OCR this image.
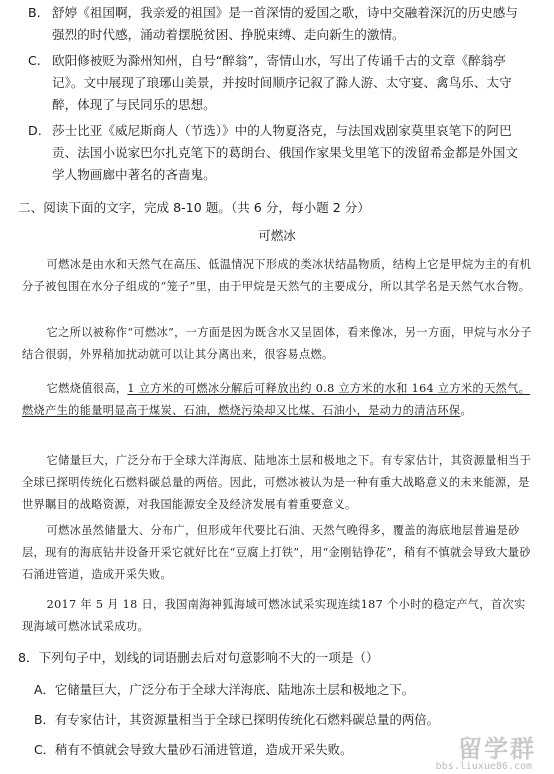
B. 舒婷《祖国啊，我亲爱的祖国》是一首深情的爱国之歌，诗中交融着深沉的历史感与强烈的时代感，涌动着摆脱贫困、挣脱束缚、走向新生的激情。
C. 欧阳修被贬为滁州知州，自号“醉翁”，寄情山水，写出了传诵千古的文章《醉翁亭记》。文中展现了琅琊山美景，并按时间顺序记叙了滁人游、太守宴、禽鸟乐、太守醉，体现了与民同乐的思想。
D. 莎士比亚《威尼斯商人（节选）》中的人物夏洛克，与法国戏剧家莫里哀笔下的阿巴贡、法国小说家巴尔扎克笔下的葛朗台、俄国作家果戈里笔下的泼留希金都是外国文学人物画廊中著名的吝啬鬼。
二、阅读下面的文字，完成 8-10 题。（共 6 分，每小题 2 分）
可燃冰
可燃冰是由水和天然气在高压、低温情况下形成的类冰状结晶物质，结构上它是甲烷为主的有机分子被包围在水分子组成的“笼子”里，由于甲烷是天然气的主要成分，所以其学名是天然气水合物。
它之所以被称作“可燃冰”，一方面是因为既含水又呈固体，看来像冰，另一方面，甲烷与水分子结合很弱，外界稍加扰动就可以让其分离出来，很容易点燃。
它燃烧值很高，1 立方米的可燃冰分解后可释放出约 0.8 立方米的水和 164 立方米的天然气。燃烧产生的能量明显高于煤炭、石油，燃烧污染却又比煤、石油小，是动力的清洁环保。
它储量巨大，广泛分布于全球大洋海底、陆地冻土层和极地之下。有专家估计，其资源量相当于全球已探明传统化石燃料碳总量的两倍。因此，可燃冰被认为是一种有重大战略意义的未来能源，是世界瞩目的战略资源，对我国能源安全及经济发展有着重要意义。
可燃冰虽然储量大、分布广，但形成年代要比石油、天然气晚得多，覆盖的海底地层普遍是砂层，现有的海底钻井设备开采它就好比在“豆腐上打铁”，用“金刚钻铮花”，稍有不慎就会导致大量砂石涌进管道，造成开采失败。
2017 年 5 月 18 日，我国南海神狐海域可燃冰试采实现连续187 个小时的稳定产气，首次实现海域可燃冰试采成功。
8．下列句子中，划线的词语删去后对句意影响不大的一项是（）
A．它储量巨大，广泛分布于全球大洋海底、陆地冻土层和极地之下。
B．有专家估计，其资源量相当于全球已探明传统化石燃料碳总量的两倍。
C．稍有不慎就会导致大量砂石涌进管道，造成开采失败。	留学群
bbs.liuxue86.com
